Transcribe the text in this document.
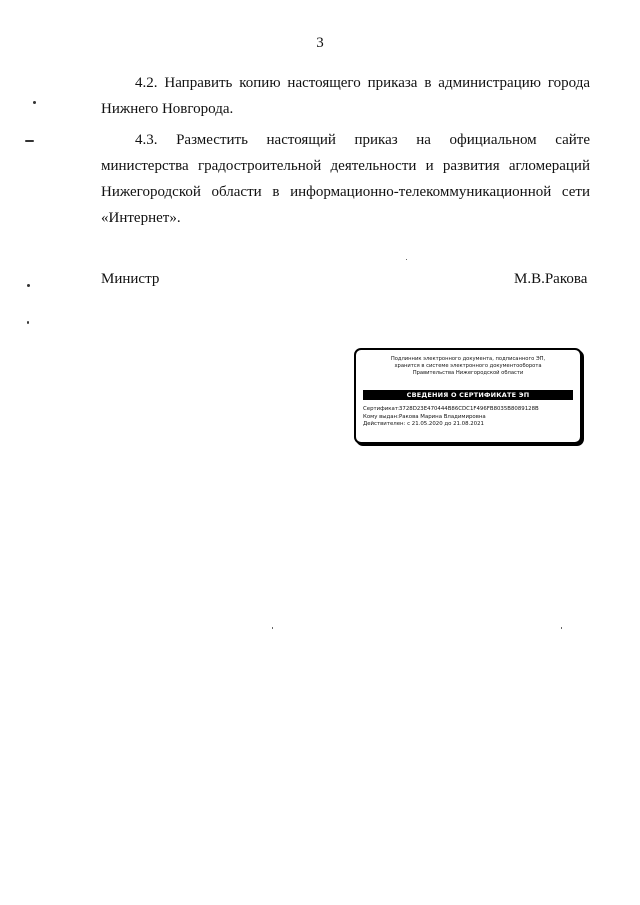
3
4.2. Направить копию настоящего приказа в администрацию города Нижнего Новгорода.
4.3. Разместить настоящий приказ на официальном сайте министерства градостроительной деятельности и развития агломераций Нижегородской области в информационно-телекоммуникационной сети «Интернет».
Министр	М.В.Ракова
Подлинник электронного документа, подписанного ЭП,
хранится в системе электронного документооборота
Правительства Нижегородской области
СВЕДЕНИЯ О СЕРТИФИКАТЕ ЭП
Сертификат:3728D23E470444B86CDC1F496FB8035B8089128B
Кому выдан:Ракова Марина Владимировна
Действителен: с 21.05.2020 до 21.08.2021
